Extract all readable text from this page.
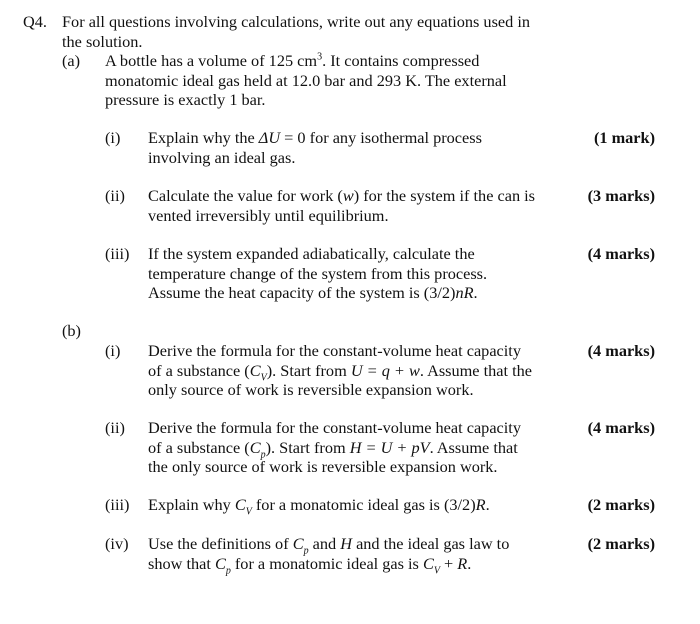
Q4. For all questions involving calculations, write out any equations used in
the solution.
(a) A bottle has a volume of 125 $cm^3$. It contains compressed
monatomic ideal gas held at 12.0 bar and 293 K. The external
pressure is exactly 1 bar.
(i) Explain why the ΔU = 0 for any isothermal process
involving an ideal gas.
(1 mark)
(ii) Calculate the value for work (w) for the system if the can is
vented irreversibly until equilibrium.
(3 marks)
(iii) If the system expanded adiabatically, calculate the
temperature change of the system from this process.
Assume the heat capacity of the system is (3/2)nR.
(4 marks)
(b)
(i) Derive the formula for the constant-volume heat capacity
of a substance $(C_V)$. Start from U = q + w. Assume that the
only source of work is reversible expansion work.
(4 marks)
(ii) Derive the formula for the constant-volume heat capacity
of a substance $(C_p)$. Start from H = U + pV. Assume that
the only source of work is reversible expansion work.
(4 marks)
(iii) Explain why $C_V$ for a monatomic ideal gas is (3/2)R.	(2 marks)
(iv) Use the definitions of $C_p$ and H and the ideal gas law to
show that $C_p$ for a monatomic ideal gas is $C_V + R$.
(2 marks)
